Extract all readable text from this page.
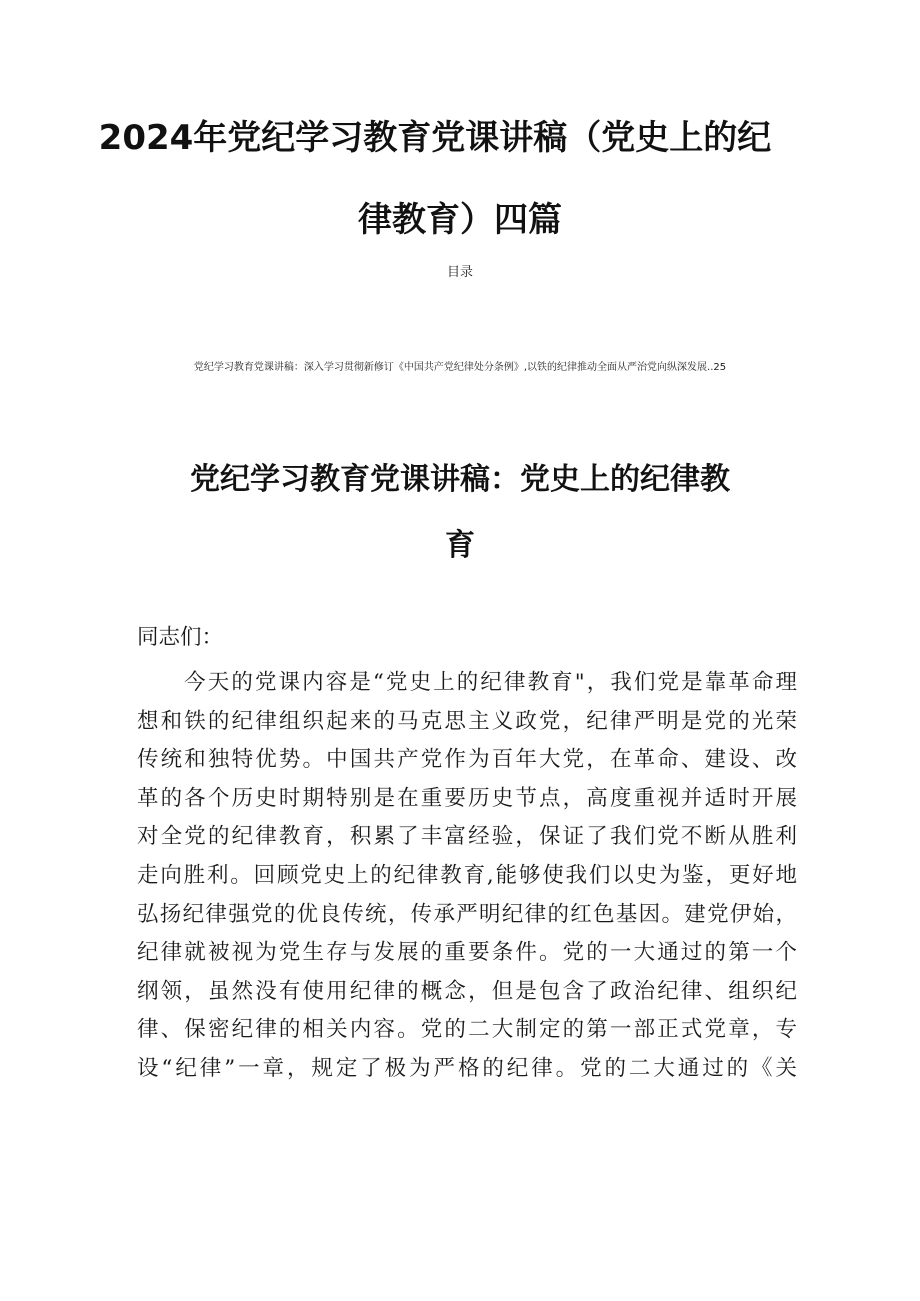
2024年党纪学习教育党课讲稿（党史上的纪
律教育）四篇
目录
党纪学习教育党课讲稿：深入学习贯彻新修订《中国共产党纪律处分条例》,以铁的纪律推动全面从严治党向纵深发展..25
党纪学习教育党课讲稿：党史上的纪律教
育
同志们：
　　今天的党课内容是“党史上的纪律教育"，我们党是靠革命理
想和铁的纪律组织起来的马克思主义政党，纪律严明是党的光荣
传统和独特优势。中国共产党作为百年大党，在革命、建设、改
革的各个历史时期特别是在重要历史节点，高度重视并适时开展
对全党的纪律教育，积累了丰富经验，保证了我们党不断从胜利
走向胜利。回顾党史上的纪律教育,能够使我们以史为鉴，更好地
弘扬纪律强党的优良传统，传承严明纪律的红色基因。建党伊始，
纪律就被视为党生存与发展的重要条件。党的一大通过的第一个
纲领，虽然没有使用纪律的概念，但是包含了政治纪律、组织纪
律、保密纪律的相关内容。党的二大制定的第一部正式党章，专
设“纪律”一章，规定了极为严格的纪律。党的二大通过的《关
